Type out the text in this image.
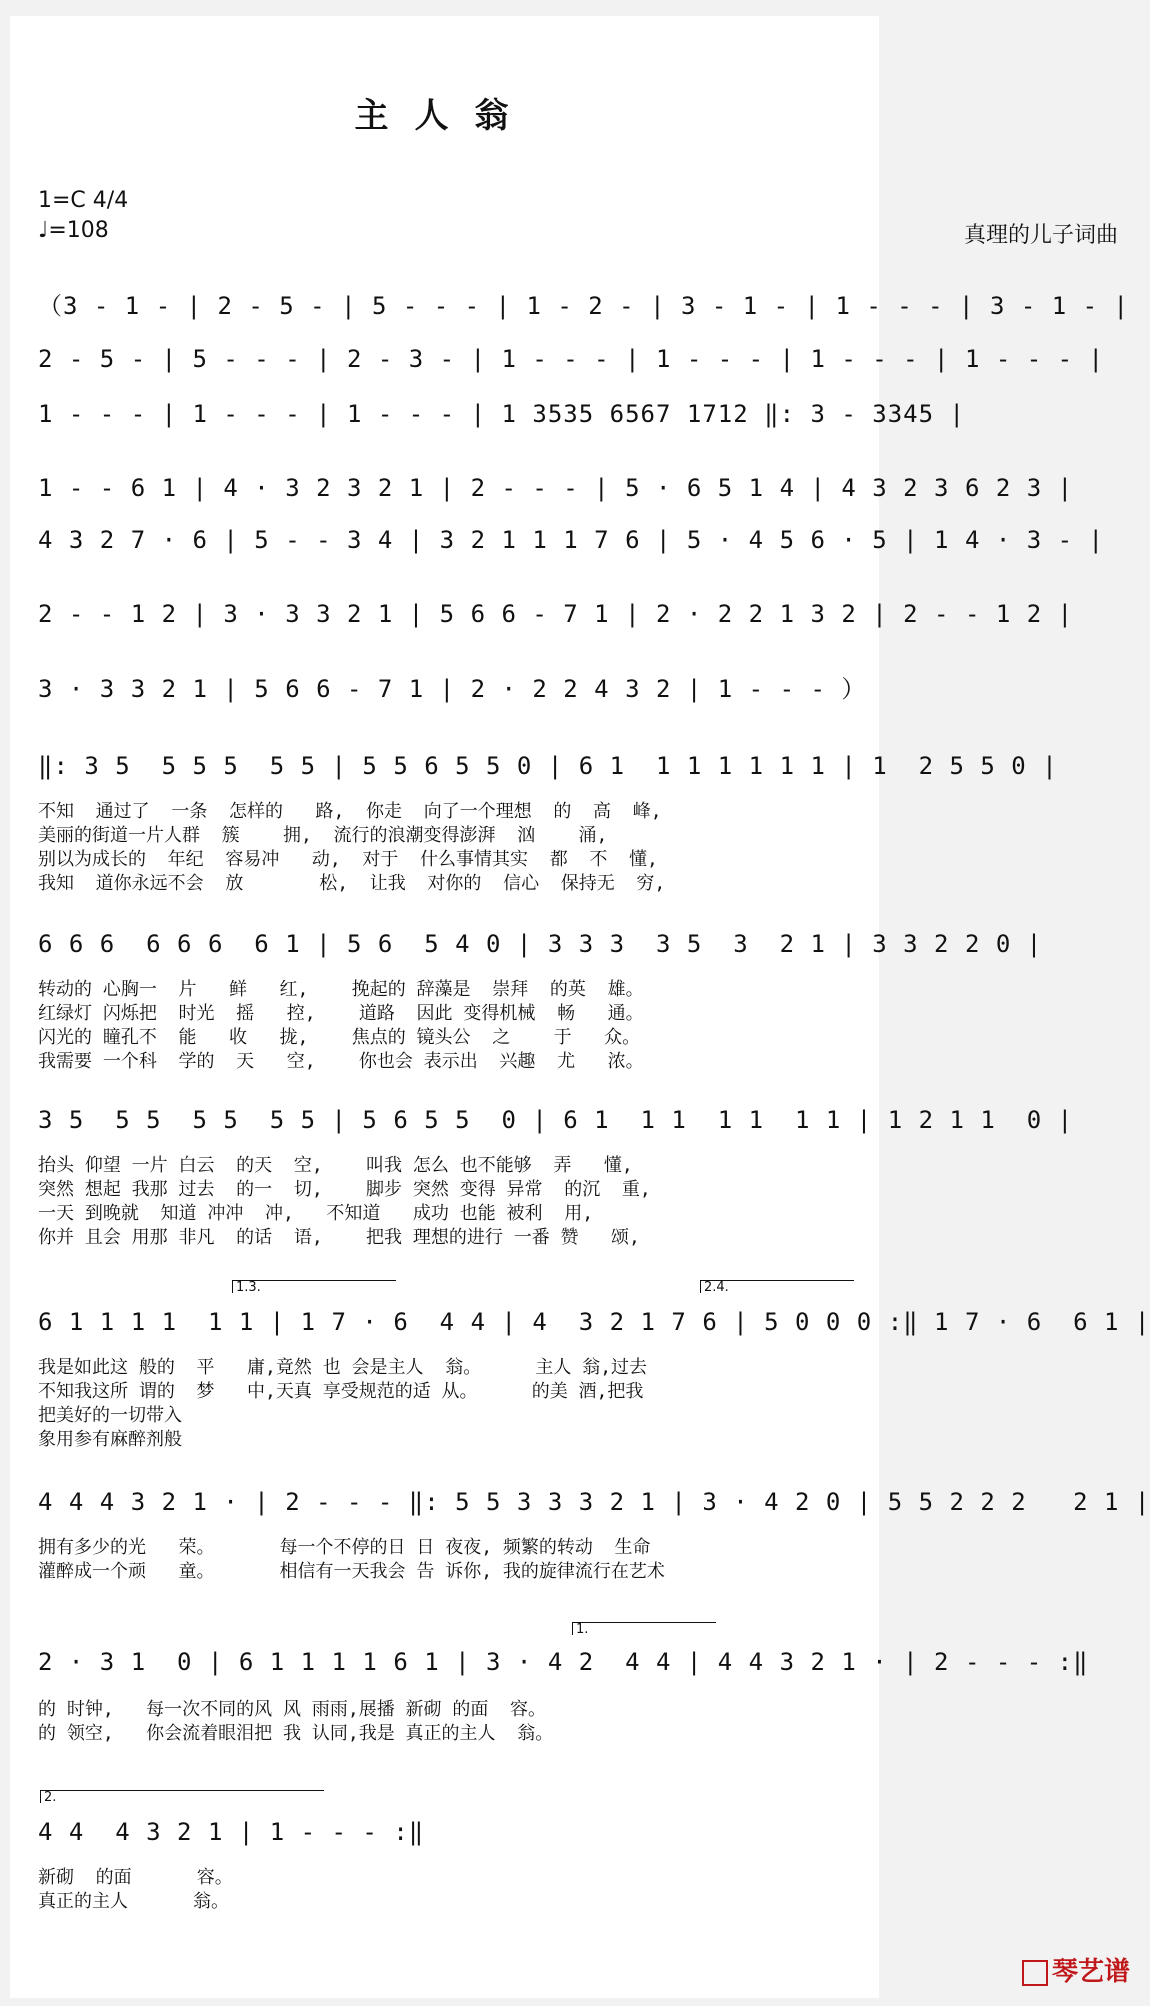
主人翁
1=C 4/4
♩=108	真理的儿子词曲
（3 - 1 - | 2 - 5 - | 5 - - - | 1 - 2 - | 3 - 1 - | 1 - - - | 3 - 1 - |
2 - 5 - | 5 - - - | 2 - 3 - | 1 - - - | 1 - - - | 1 - - - | 1 - - - |
1 - - - | 1 - - - | 1 - - - | 1 3535 6567 1712 ‖: 3 - 3345 |
1 - - 6 1 | 4 · 3 2 3 2 1 | 2 - - - | 5 · 6 5 1 4 | 4 3 2 3 6 2 3 |
4 3 2 7 · 6 | 5 - - 3 4 | 3 2 1 1 1 7 6 | 5 · 4 5 6 · 5 | 1 4 · 3 - |
2 - - 1 2 | 3 · 3 3 2 1 | 5 6 6 - 7 1 | 2 · 2 2 1 3 2 | 2 - - 1 2 |
3 · 3 3 2 1 | 5 6 6 - 7 1 | 2 · 2 2 4 3 2 | 1 - - - ）
‖: 3 5  5 5 5  5 5 | 5 5 6 5 5 0 | 6 1  1 1 1 1 1 1 | 1  2 5 5 0 |
不知  通过了  一条  怎样的   路,  你走  向了一个理想  的  高  峰,
美丽的街道一片人群  簇    拥,  流行的浪潮变得澎湃  汹    涌,
别以为成长的  年纪  容易冲   动,  对于  什么事情其实  都  不  懂,
我知  道你永远不会  放       松,  让我  对你的  信心  保持无  穷,
6 6 6  6 6 6  6 1 | 5 6  5 4 0 | 3 3 3  3 5  3  2 1 | 3 3 2 2 0 |
转动的 心胸一  片   鲜   红,    挽起的 辞藻是  崇拜  的英  雄。
红绿灯 闪烁把  时光  摇   控,    道路  因此 变得机械  畅   通。
闪光的 瞳孔不  能   收   拢,    焦点的 镜头公  之    于   众。
我需要 一个科  学的  天   空,    你也会 表示出  兴趣  尤   浓。
3 5  5 5  5 5  5 5 | 5 6 5 5  0 | 6 1  1 1  1 1  1 1 | 1 2 1 1  0 |
抬头 仰望 一片 白云  的天  空,    叫我 怎么 也不能够  弄   懂,
突然 想起 我那 过去  的一  切,    脚步 突然 变得 异常  的沉  重,
一天 到晚就  知道 冲冲  冲,   不知道   成功 也能 被利  用,
你并 且会 用那 非凡  的话  语,    把我 理想的进行 一番 赞   颂,
1.3.	2.4.
6 1 1 1 1  1 1 | 1 7 · 6  4 4 | 4  3 2 1 7 6 | 5 0 0 0 :‖ 1 7 · 6  6 1 |
我是如此这 般的  平   庸,竟然 也 会是主人  翁。     主人 翁,过去
不知我这所 谓的  梦   中,天真 享受规范的适 从。     的美 酒,把我
把美好的一切带入
象用参有麻醉剂般
4 4 4 3 2 1 · | 2 - - - ‖: 5 5 3 3 3 2 1 | 3 · 4 2 0 | 5 5 2 2 2   2 1 |
拥有多少的光   荣。      每一个不停的日 日 夜夜, 频繁的转动  生命
灌醉成一个顽   童。      相信有一天我会 告 诉你, 我的旋律流行在艺术
1.
2 · 3 1  0 | 6 1 1 1 1 6 1 | 3 · 4 2  4 4 | 4 4 3 2 1 · | 2 - - - :‖
的 时钟,   每一次不同的风 风 雨雨,展播 新砌 的面  容。
的 领空,   你会流着眼泪把 我 认同,我是 真正的主人  翁。
2.
4 4  4 3 2 1 | 1 - - - :‖
新砌  的面      容。
真正的主人      翁。
琴艺谱
